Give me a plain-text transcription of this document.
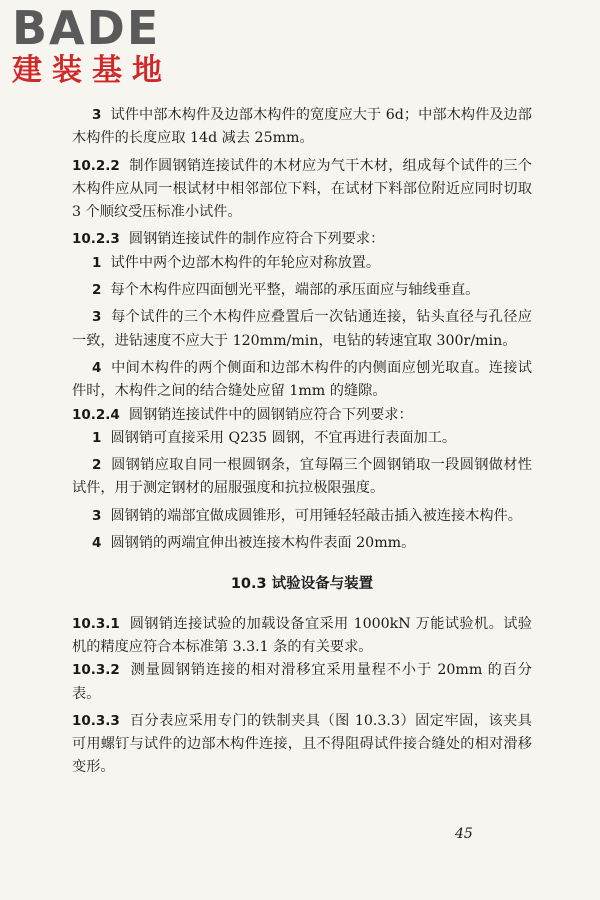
BADE
建装基地

3 试件中部木构件及边部木构件的宽度应大于 6d；中部木构件及边部木构件的长度应取 14d 减去 25mm。

10.2.2 制作圆钢销连接试件的木材应为气干木材，组成每个试件的三个木构件应从同一根试材中相邻部位下料，在试材下料部位附近应同时切取 3 个顺纹受压标准小试件。

10.2.3 圆钢销连接试件的制作应符合下列要求：

1 试件中两个边部木构件的年轮应对称放置。

2 每个木构件应四面刨光平整，端部的承压面应与轴线垂直。

3 每个试件的三个木构件应叠置后一次钻通连接，钻头直径与孔径应一致，进钻速度不应大于 120mm/min，电钻的转速宜取 300r/min。

4 中间木构件的两个侧面和边部木构件的内侧面应刨光取直。连接试件时，木构件之间的结合缝处应留 1mm 的缝隙。

10.2.4 圆钢销连接试件中的圆钢销应符合下列要求：

1 圆钢销可直接采用 Q235 圆钢，不宜再进行表面加工。

2 圆钢销应取自同一根圆钢条，宜每隔三个圆钢销取一段圆钢做材性试件，用于测定钢材的屈服强度和抗拉极限强度。

3 圆钢销的端部宜做成圆锥形，可用锤轻轻敲击插入被连接木构件。

4 圆钢销的两端宜伸出被连接木构件表面 20mm。

10.3 试验设备与装置

10.3.1 圆钢销连接试验的加载设备宜采用 1000kN 万能试验机。试验机的精度应符合本标准第 3.3.1 条的有关要求。

10.3.2 测量圆钢销连接的相对滑移宜采用量程不小于 20mm 的百分表。

10.3.3 百分表应采用专门的铁制夹具（图 10.3.3）固定牢固，该夹具可用螺钉与试件的边部木构件连接，且不得阻碍试件接合缝处的相对滑移变形。

45
